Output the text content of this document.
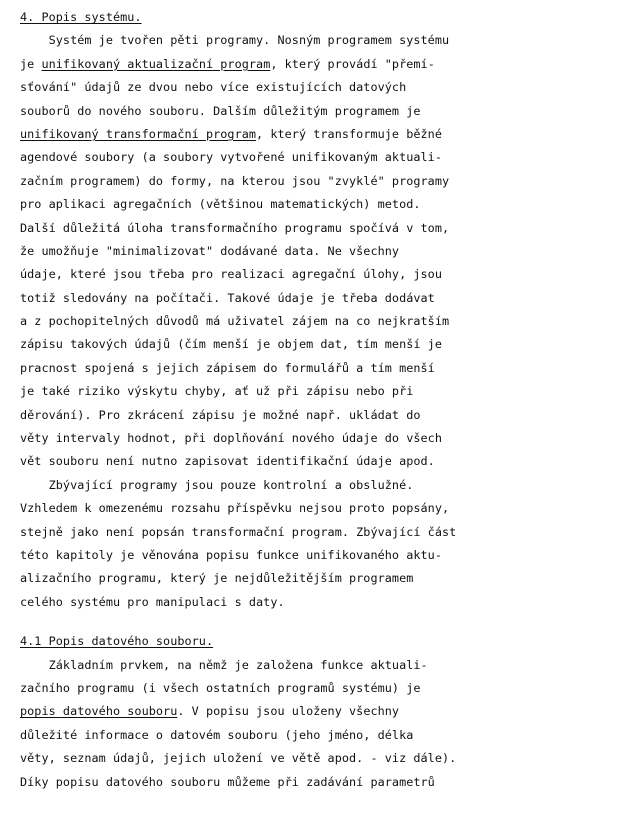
4. Popis systému.
Systém je tvořen pěti programy. Nosným programem systému
je unifikovaný aktualizační program, který provádí "přemí-
sťování" údajů ze dvou nebo více existujících datových
souborů do nového souboru. Dalším důležitým programem je
unifikovaný transformační program, který transformuje běžné
agendové soubory (a soubory vytvořené unifikovaným aktuali-
začním programem) do formy, na kterou jsou "zvyklé" programy
pro aplikaci agregačních (většinou matematických) metod.
Další důležitá úloha transformačního programu spočívá v tom,
že umožňuje "minimalizovat" dodávané data. Ne všechny
údaje, které jsou třeba pro realizaci agregační úlohy, jsou
totiž sledovány na počítači. Takové údaje je třeba dodávat
a z pochopitelných důvodů má uživatel zájem na co nejkratším
zápisu takových údajů (čím menší je objem dat, tím menší je
pracnost spojená s jejich zápisem do formulářů a tím menší
je také riziko výskytu chyby, ať už při zápisu nebo při
děrování). Pro zkrácení zápisu je možné např. ukládat do
věty intervaly hodnot, při doplňování nového údaje do všech
vět souboru není nutno zapisovat identifikační údaje apod.
Zbývající programy jsou pouze kontrolní a obslužné.
Vzhledem k omezenému rozsahu příspěvku nejsou proto popsány,
stejně jako není popsán transformační program. Zbývající část
této kapitoly je věnována popisu funkce unifikovaného aktu-
alizačního programu, který je nejdůležitějším programem
celého systému pro manipulaci s daty.
4.1 Popis datového souboru.
Základním prvkem, na němž je založena funkce aktuali-
začního programu (i všech ostatních programů systému) je
popis datového souboru. V popisu jsou uloženy všechny
důležité informace o datovém souboru (jeho jméno, délka
věty, seznam údajů, jejich uložení ve větě apod. - viz dále).
Díky popisu datového souboru můžeme při zadávání parametrů
